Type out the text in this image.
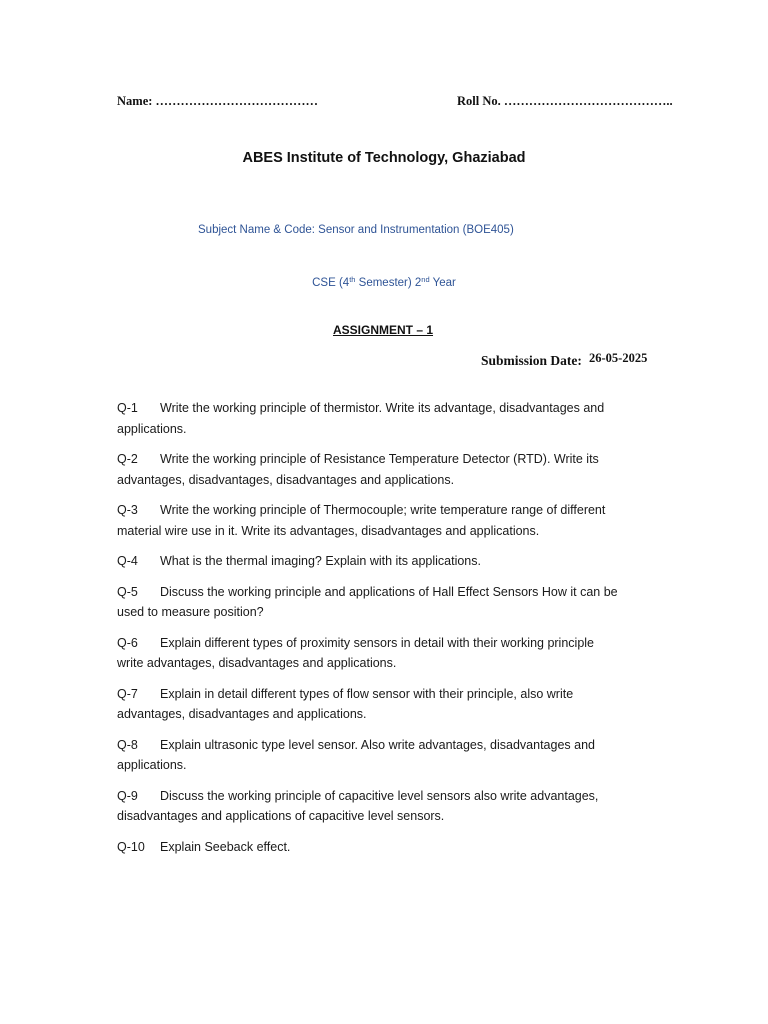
Name: …………………………………	Roll No. …………………………………..
ABES Institute of Technology, Ghaziabad
Subject Name & Code: Sensor and Instrumentation (BOE405)
CSE (4th Semester) 2nd Year
ASSIGNMENT – 1
Submission Date: 26-05-2025
Q-1 Write the working principle of thermistor. Write its advantage, disadvantages and
applications.
Q-2 Write the working principle of Resistance Temperature Detector (RTD). Write its
advantages, disadvantages, disadvantages and applications.
Q-3 Write the working principle of Thermocouple; write temperature range of different
material wire use in it. Write its advantages, disadvantages and applications.
Q-4 What is the thermal imaging? Explain with its applications.
Q-5 Discuss the working principle and applications of Hall Effect Sensors How it can be
used to measure position?
Q-6 Explain different types of proximity sensors in detail with their working principle
write advantages, disadvantages and applications.
Q-7 Explain in detail different types of flow sensor with their principle, also write
advantages, disadvantages and applications.
Q-8 Explain ultrasonic type level sensor. Also write advantages, disadvantages and
applications.
Q-9 Discuss the working principle of capacitive level sensors also write advantages,
disadvantages and applications of capacitive level sensors.
Q-10 Explain Seeback effect.
